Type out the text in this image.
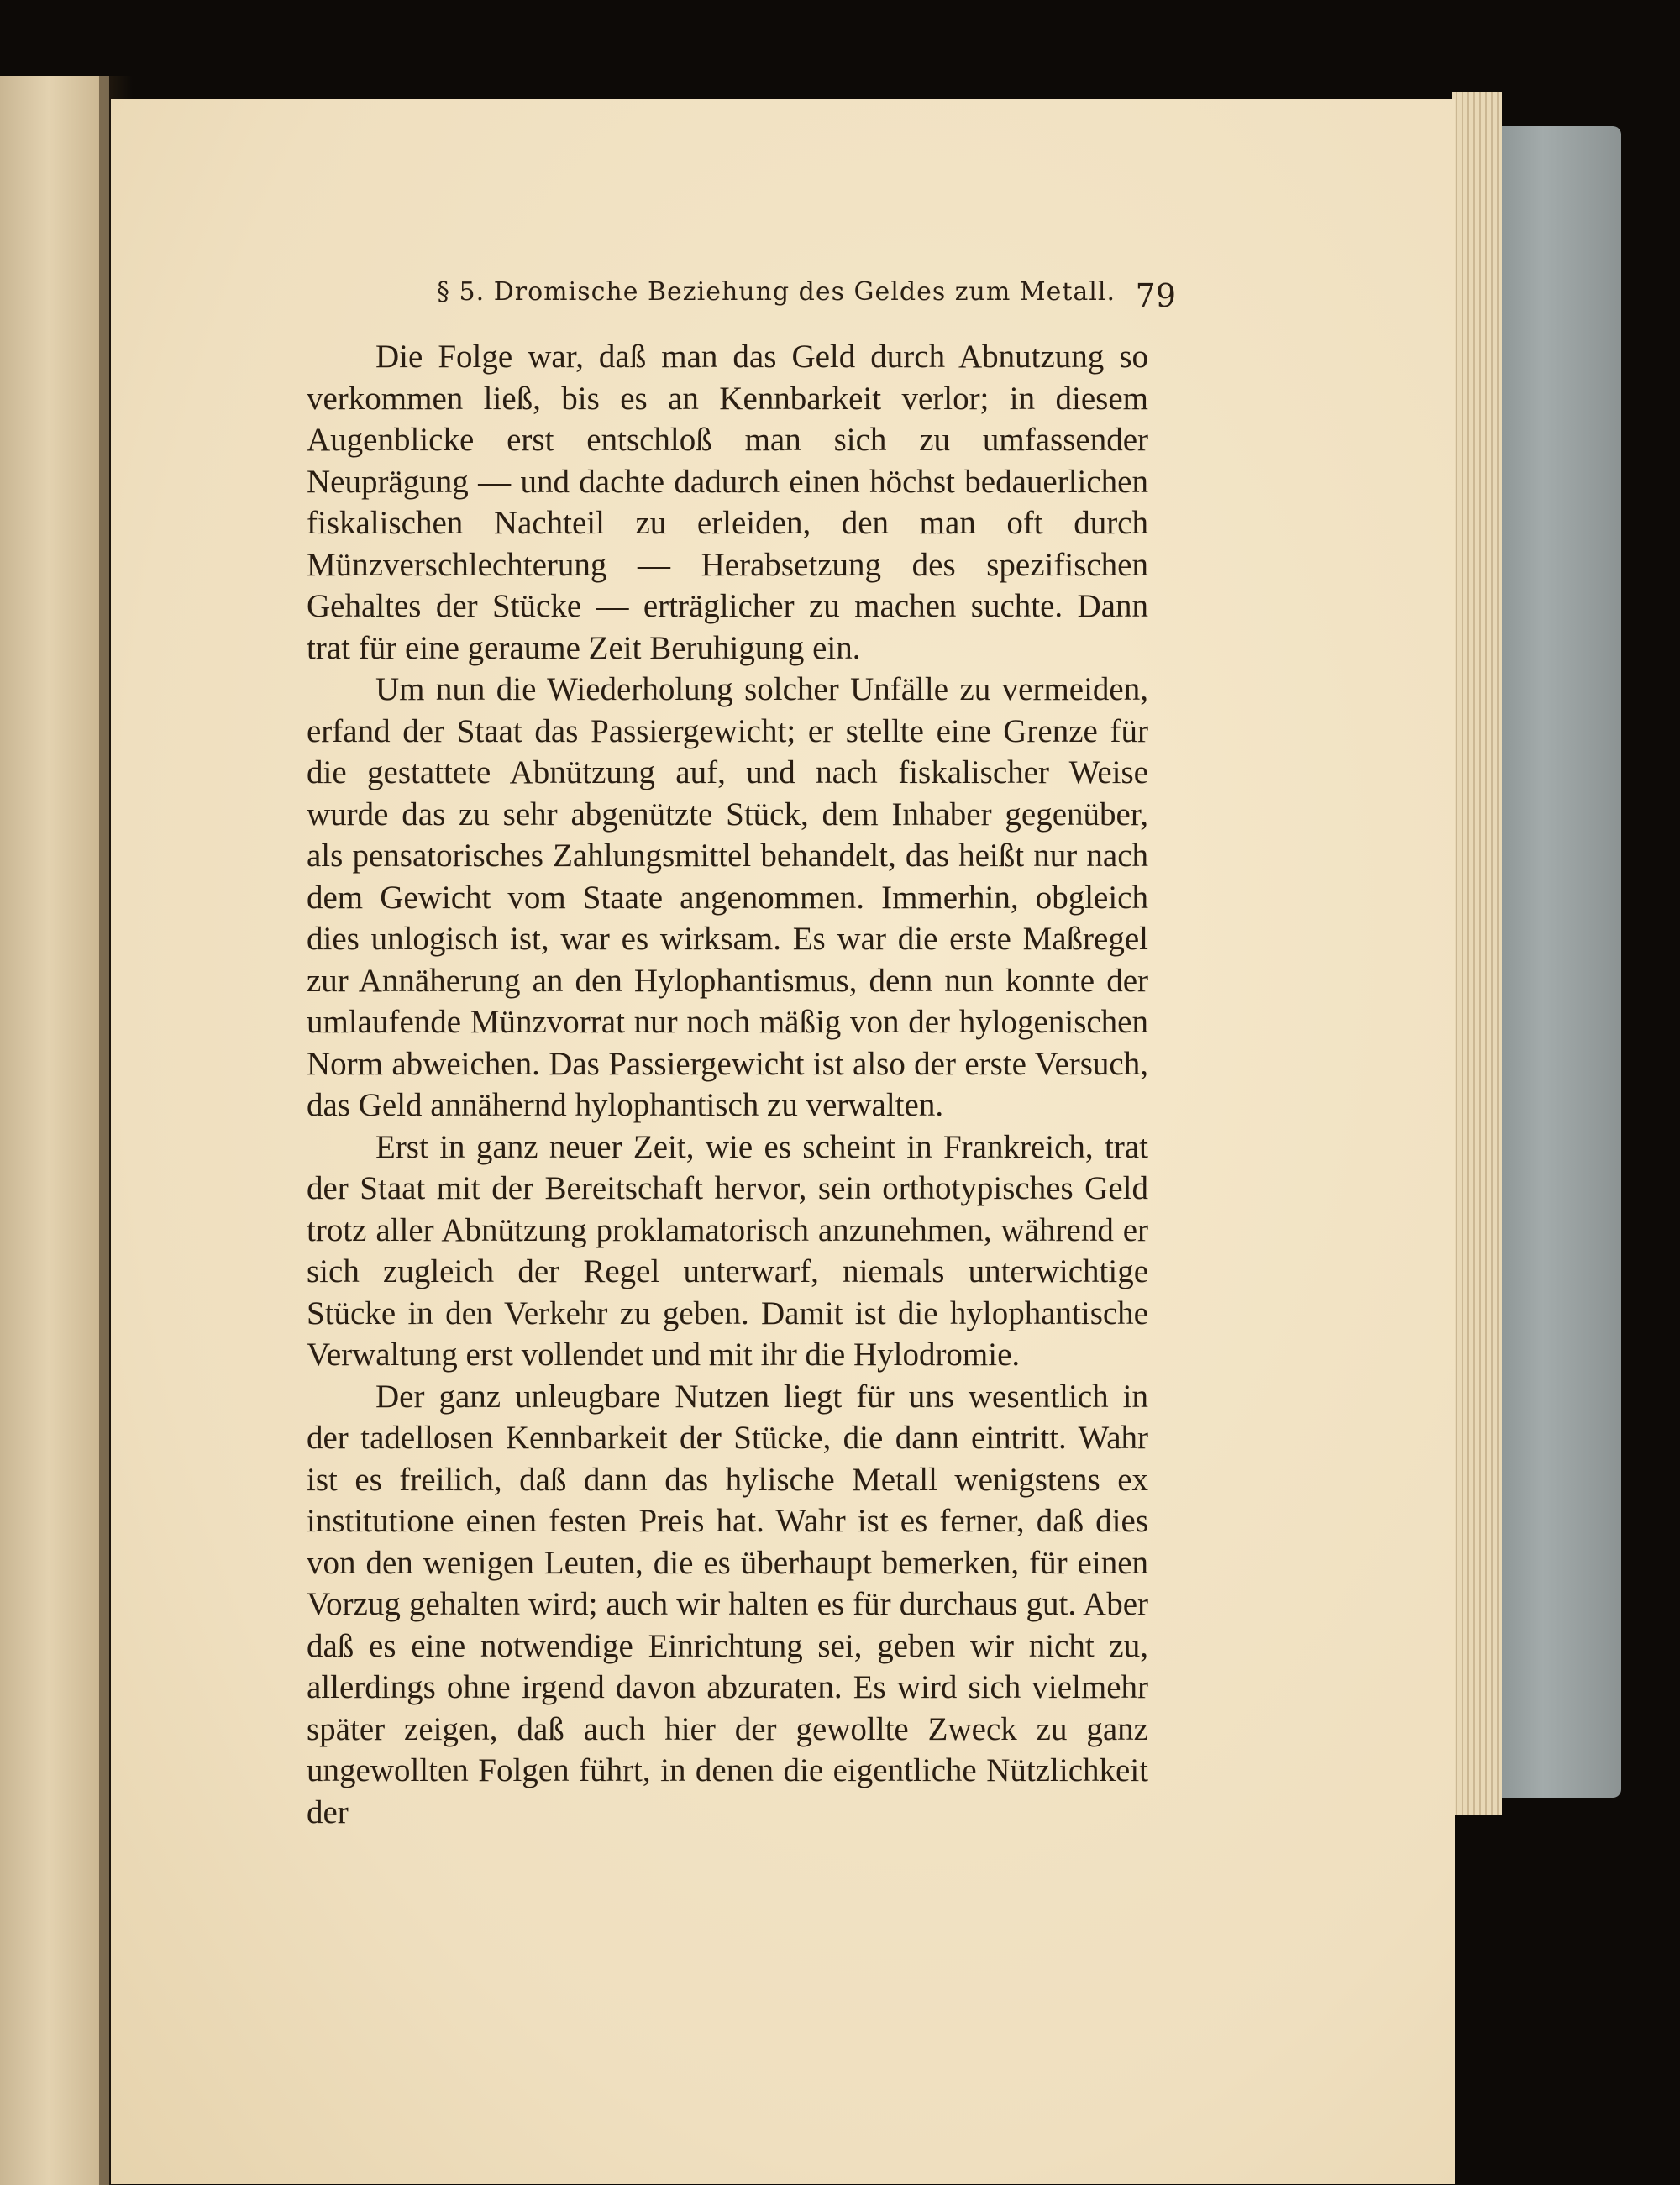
§ 5. Dromische Beziehung des Geldes zum Metall. 79

Die Folge war, daß man das Geld durch Abnutzung so verkommen ließ, bis es an Kennbarkeit verlor; in diesem Augenblicke erst entschloß man sich zu umfassender Neuprägung — und dachte dadurch einen höchst bedauerlichen fiskalischen Nachteil zu erleiden, den man oft durch Münzverschlechterung — Herabsetzung des spezifischen Gehaltes der Stücke — erträglicher zu machen suchte. Dann trat für eine geraume Zeit Beruhigung ein.

Um nun die Wiederholung solcher Unfälle zu vermeiden, erfand der Staat das Passiergewicht; er stellte eine Grenze für die gestattete Abnützung auf, und nach fiskalischer Weise wurde das zu sehr abgenützte Stück, dem Inhaber gegenüber, als pensatorisches Zahlungsmittel behandelt, das heißt nur nach dem Gewicht vom Staate angenommen. Immerhin, obgleich dies unlogisch ist, war es wirksam. Es war die erste Maßregel zur Annäherung an den Hylophantismus, denn nun konnte der umlaufende Münzvorrat nur noch mäßig von der hylogenischen Norm abweichen. Das Passiergewicht ist also der erste Versuch, das Geld annähernd hylophantisch zu verwalten.

Erst in ganz neuer Zeit, wie es scheint in Frankreich, trat der Staat mit der Bereitschaft hervor, sein orthotypisches Geld trotz aller Abnützung proklamatorisch anzunehmen, während er sich zugleich der Regel unterwarf, niemals unterwichtige Stücke in den Verkehr zu geben. Damit ist die hylophantische Verwaltung erst vollendet und mit ihr die Hylodromie.

Der ganz unleugbare Nutzen liegt für uns wesentlich in der tadellosen Kennbarkeit der Stücke, die dann eintritt. Wahr ist es freilich, daß dann das hylische Metall wenigstens ex institutione einen festen Preis hat. Wahr ist es ferner, daß dies von den wenigen Leuten, die es überhaupt bemerken, für einen Vorzug gehalten wird; auch wir halten es für durchaus gut. Aber daß es eine notwendige Einrichtung sei, geben wir nicht zu, allerdings ohne irgend davon abzuraten. Es wird sich vielmehr später zeigen, daß auch hier der gewollte Zweck zu ganz ungewollten Folgen führt, in denen die eigentliche Nützlichkeit der
